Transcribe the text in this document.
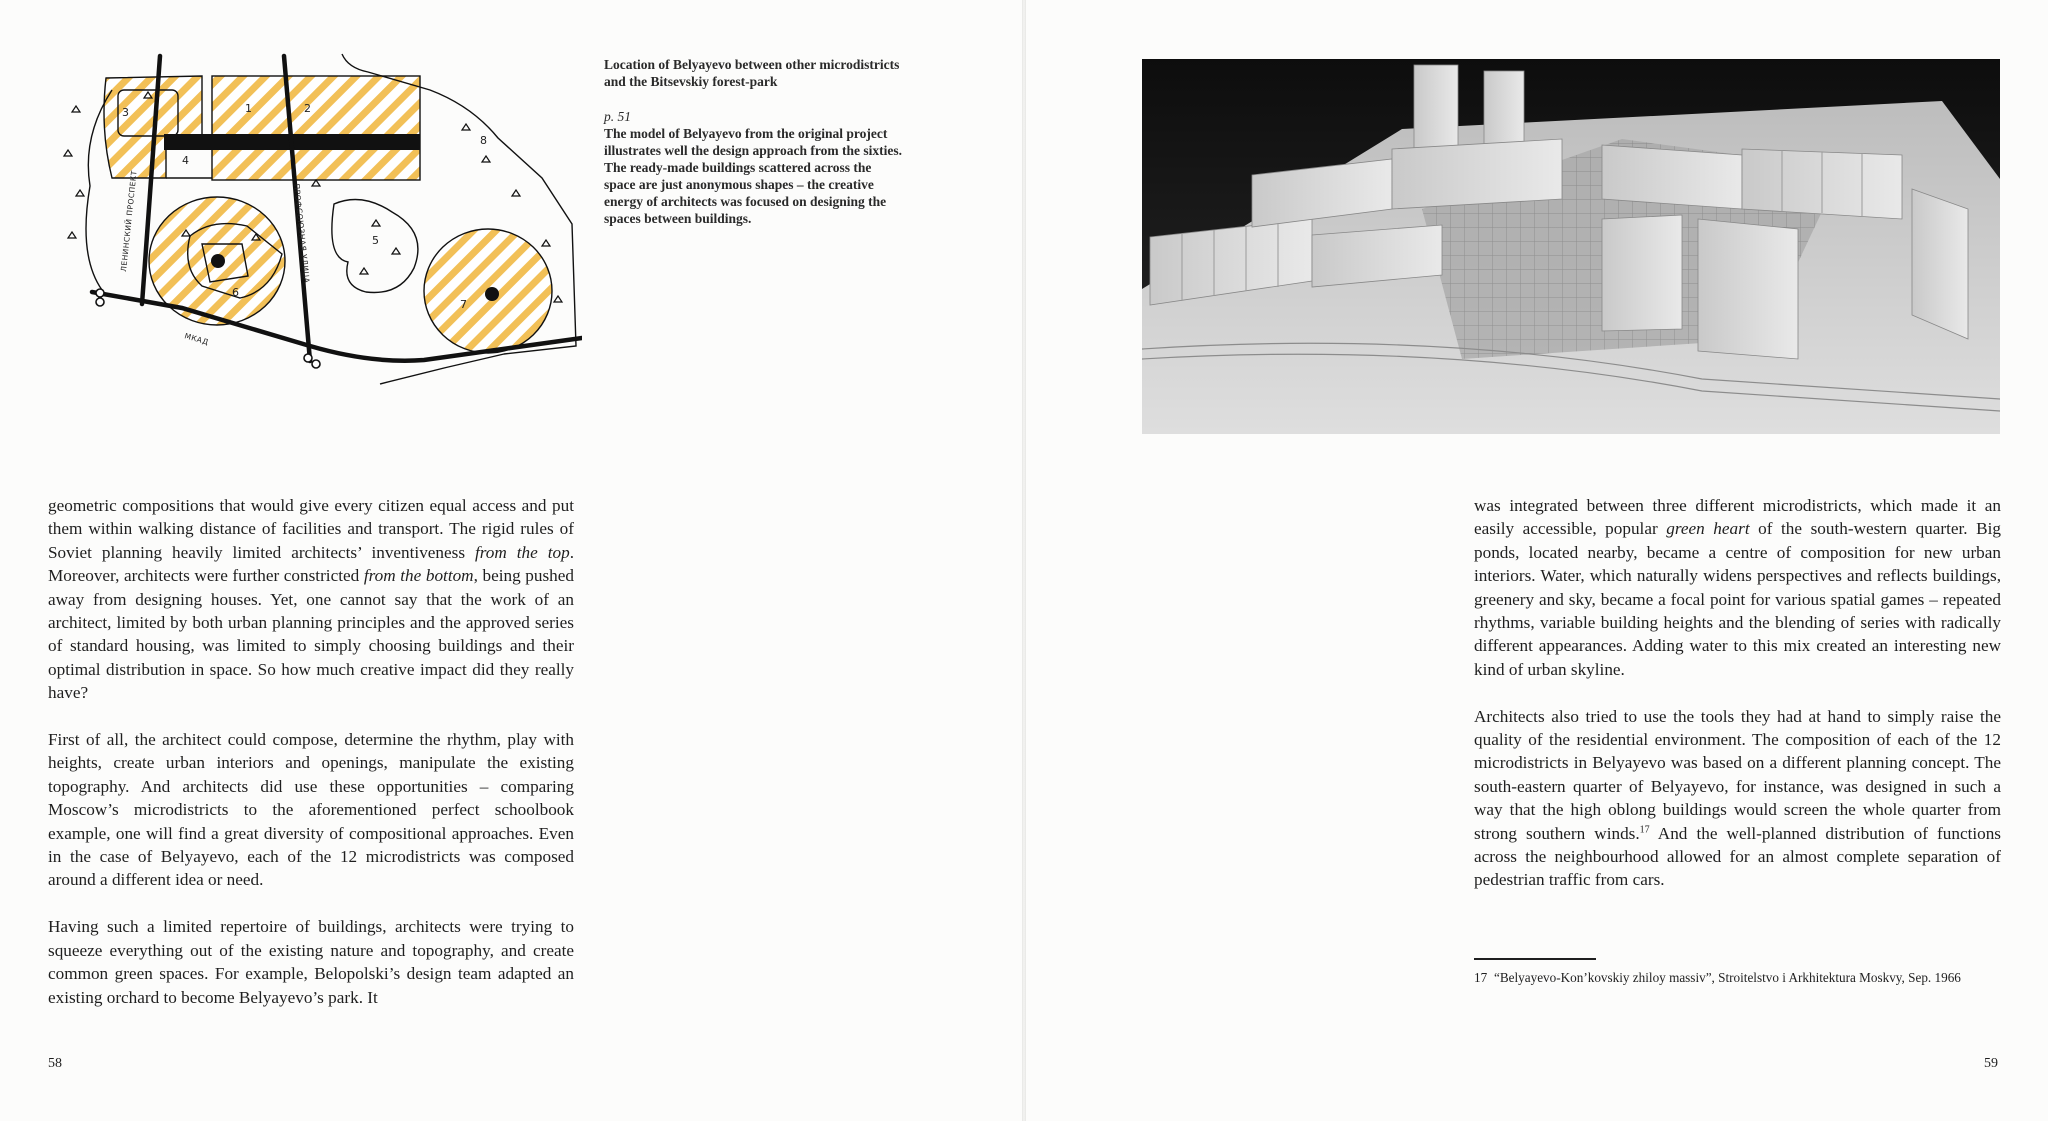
1	2
3
4
5
6
7
8
ЛЕНИНСКИЙ ПРОСПЕКТ	ПРОФСОЮЗНАЯ УЛИЦА
МКАД
Location of Belyayevo between other microdistricts and the Bitsevskiy forest-park
p. 51
The model of Belyayevo from the original project illustrates well the design approach from the sixties. The ready-made buildings scattered across the space are just anonymous shapes – the creative energy of architects was focused on designing the spaces between buildings.

geometric compositions that would give every citizen equal access and put them within walking distance of facilities and transport. The rigid rules of Soviet planning heavily limited architects’ inventiveness from the top. Moreover, architects were further constricted from the bottom, being pushed away from designing houses. Yet, one cannot say that the work of an architect, limited by both urban planning principles and the approved series of standard housing, was limited to simply choosing buildings and their optimal distribution in space. So how much creative impact did they really have?

First of all, the architect could compose, determine the rhythm, play with heights, create urban interiors and openings, manipulate the existing topography. And architects did use these opportunities – comparing Moscow’s microdistricts to the aforementioned perfect schoolbook example, one will find a great diversity of compositional approaches. Even in the case of Belyayevo, each of the 12 microdistricts was composed around a different idea or need.

Having such a limited repertoire of buildings, architects were trying to squeeze everything out of the existing nature and topography, and create common green spaces. For example, Belopolski’s design team adapted an existing orchard to become Belyayevo’s park. It

58

was integrated between three different microdistricts, which made it an easily accessible, popular green heart of the south-western quarter. Big ponds, located nearby, became a centre of composition for new urban interiors. Water, which naturally widens perspectives and reflects buildings, greenery and sky, became a focal point for various spatial games – repeated rhythms, variable building heights and the blending of series with radically different appearances. Adding water to this mix created an interesting new kind of urban skyline.

Architects also tried to use the tools they had at hand to simply raise the quality of the residential environment. The composition of each of the 12 microdistricts in Belyayevo was based on a different planning concept. The south-eastern quarter of Belyayevo, for instance, was designed in such a way that the high oblong buildings would screen the whole quarter from strong southern winds.$^{17}$ And the well-planned distribution of functions across the neighbourhood allowed for an almost complete separation of pedestrian traffic from cars.

17 “Belyayevo-Kon’kovskiy zhiloy massiv”, Stroitelstvo i Arkhitektura Moskvy, Sep. 1966
59
